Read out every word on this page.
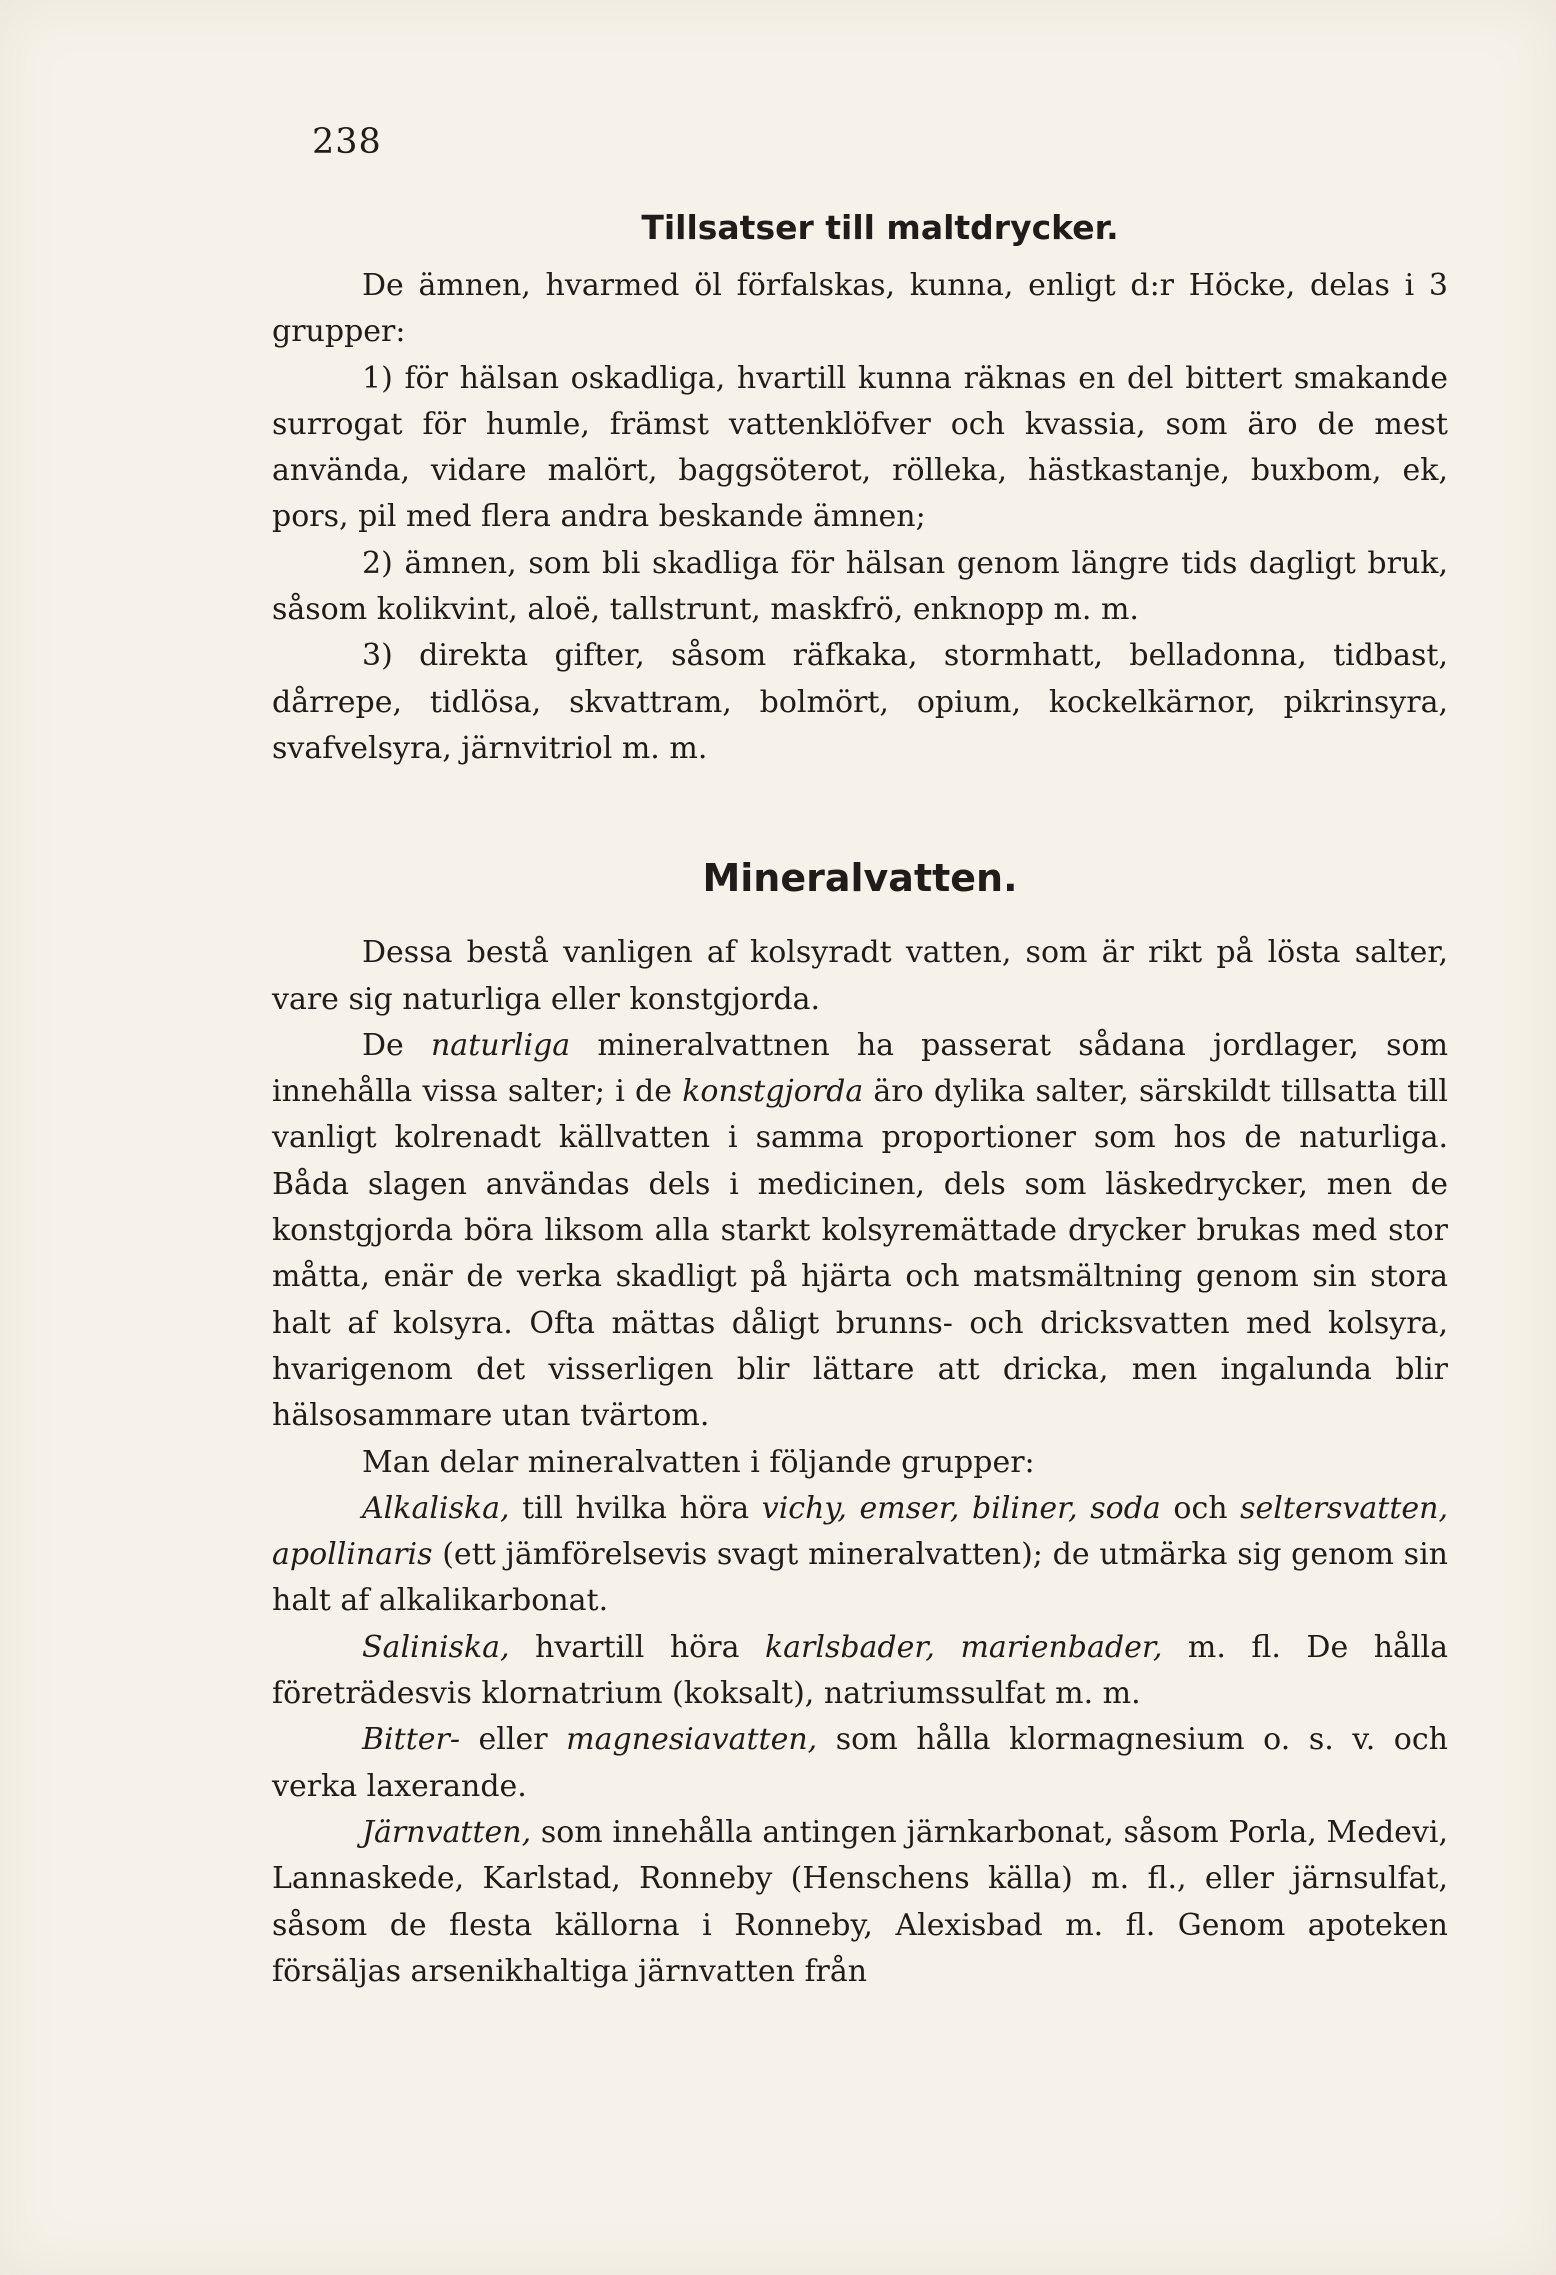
238
Tillsatser till maltdrycker.

De ämnen, hvarmed öl förfalskas, kunna, enligt d:r Höcke, delas i 3 grupper:

1) för hälsan oskadliga, hvartill kunna räknas en del bittert smakande surrogat för humle, främst vattenklöfver och kvassia, som äro de mest använda, vidare malört, baggsöterot, rölleka, hästkastanje, buxbom, ek, pors, pil med flera andra beskande ämnen;

2) ämnen, som bli skadliga för hälsan genom längre tids dagligt bruk, såsom kolikvint, aloë, tallstrunt, maskfrö, enknopp m. m.

3) direkta gifter, såsom räfkaka, stormhatt, belladonna, tidbast, dårrepe, tidlösa, skvattram, bolmört, opium, kockelkärnor, pikrinsyra, svafvelsyra, järnvitriol m. m.

Mineralvatten.

Dessa bestå vanligen af kolsyradt vatten, som är rikt på lösta salter, vare sig naturliga eller konstgjorda.

De naturliga mineralvattnen ha passerat sådana jordlager, som innehålla vissa salter; i de konstgjorda äro dylika salter, särskildt tillsatta till vanligt kolrenadt källvatten i samma proportioner som hos de naturliga. Båda slagen användas dels i medicinen, dels som läskedrycker, men de konstgjorda böra liksom alla starkt kolsyremättade drycker brukas med stor måtta, enär de verka skadligt på hjärta och matsmältning genom sin stora halt af kolsyra. Ofta mättas dåligt brunns- och dricksvatten med kolsyra, hvarigenom det visserligen blir lättare att dricka, men ingalunda blir hälsosammare utan tvärtom.

Man delar mineralvatten i följande grupper:

Alkaliska, till hvilka höra vichy, emser, biliner, soda och seltersvatten, apollinaris (ett jämförelsevis svagt mineralvatten); de utmärka sig genom sin halt af alkalikarbonat.

Saliniska, hvartill höra karlsbader, marienbader, m. fl. De hålla företrädesvis klornatrium (koksalt), natriumssulfat m. m.

Bitter- eller magnesiavatten, som hålla klormagnesium o. s. v. och verka laxerande.

Järnvatten, som innehålla antingen järnkarbonat, såsom Porla, Medevi, Lannaskede, Karlstad, Ronneby (Henschens källa) m. fl., eller järnsulfat, såsom de flesta källorna i Ronneby, Alexisbad m. fl. Genom apoteken försäljas arsenikhaltiga järnvatten från
